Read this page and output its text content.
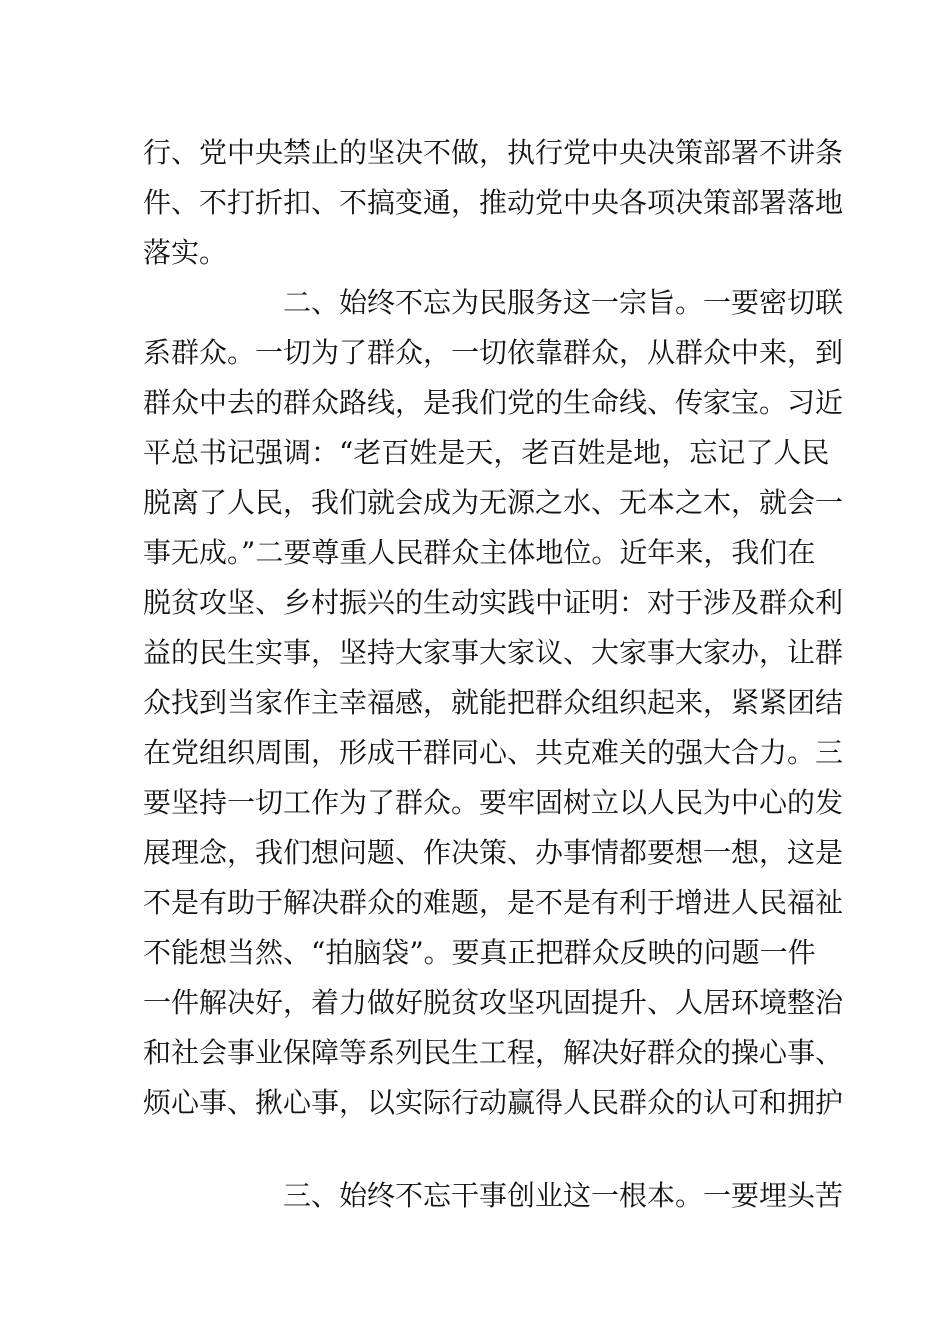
行、党中央禁止的坚决不做，执行党中央决策部署不讲条

件、不打折扣、不搞变通，推动党中央各项决策部署落地

落实。

二、始终不忘为民服务这一宗旨。一要密切联

系群众。一切为了群众，一切依靠群众，从群众中来，到

群众中去的群众路线，是我们党的生命线、传家宝。习近

平总书记强调：“老百姓是天，老百姓是地，忘记了人民

脱离了人民，我们就会成为无源之水、无本之木，就会一

事无成。”二要尊重人民群众主体地位。近年来，我们在

脱贫攻坚、乡村振兴的生动实践中证明：对于涉及群众利

益的民生实事，坚持大家事大家议、大家事大家办，让群

众找到当家作主幸福感，就能把群众组织起来，紧紧团结

在党组织周围，形成干群同心、共克难关的强大合力。三

要坚持一切工作为了群众。要牢固树立以人民为中心的发

展理念，我们想问题、作决策、办事情都要想一想，这是

不是有助于解决群众的难题，是不是有利于增进人民福祉

不能想当然、“拍脑袋”。要真正把群众反映的问题一件

一件解决好，着力做好脱贫攻坚巩固提升、人居环境整治

和社会事业保障等系列民生工程，解决好群众的操心事、

烦心事、揪心事，以实际行动赢得人民群众的认可和拥护

三、始终不忘干事创业这一根本。一要埋头苦
